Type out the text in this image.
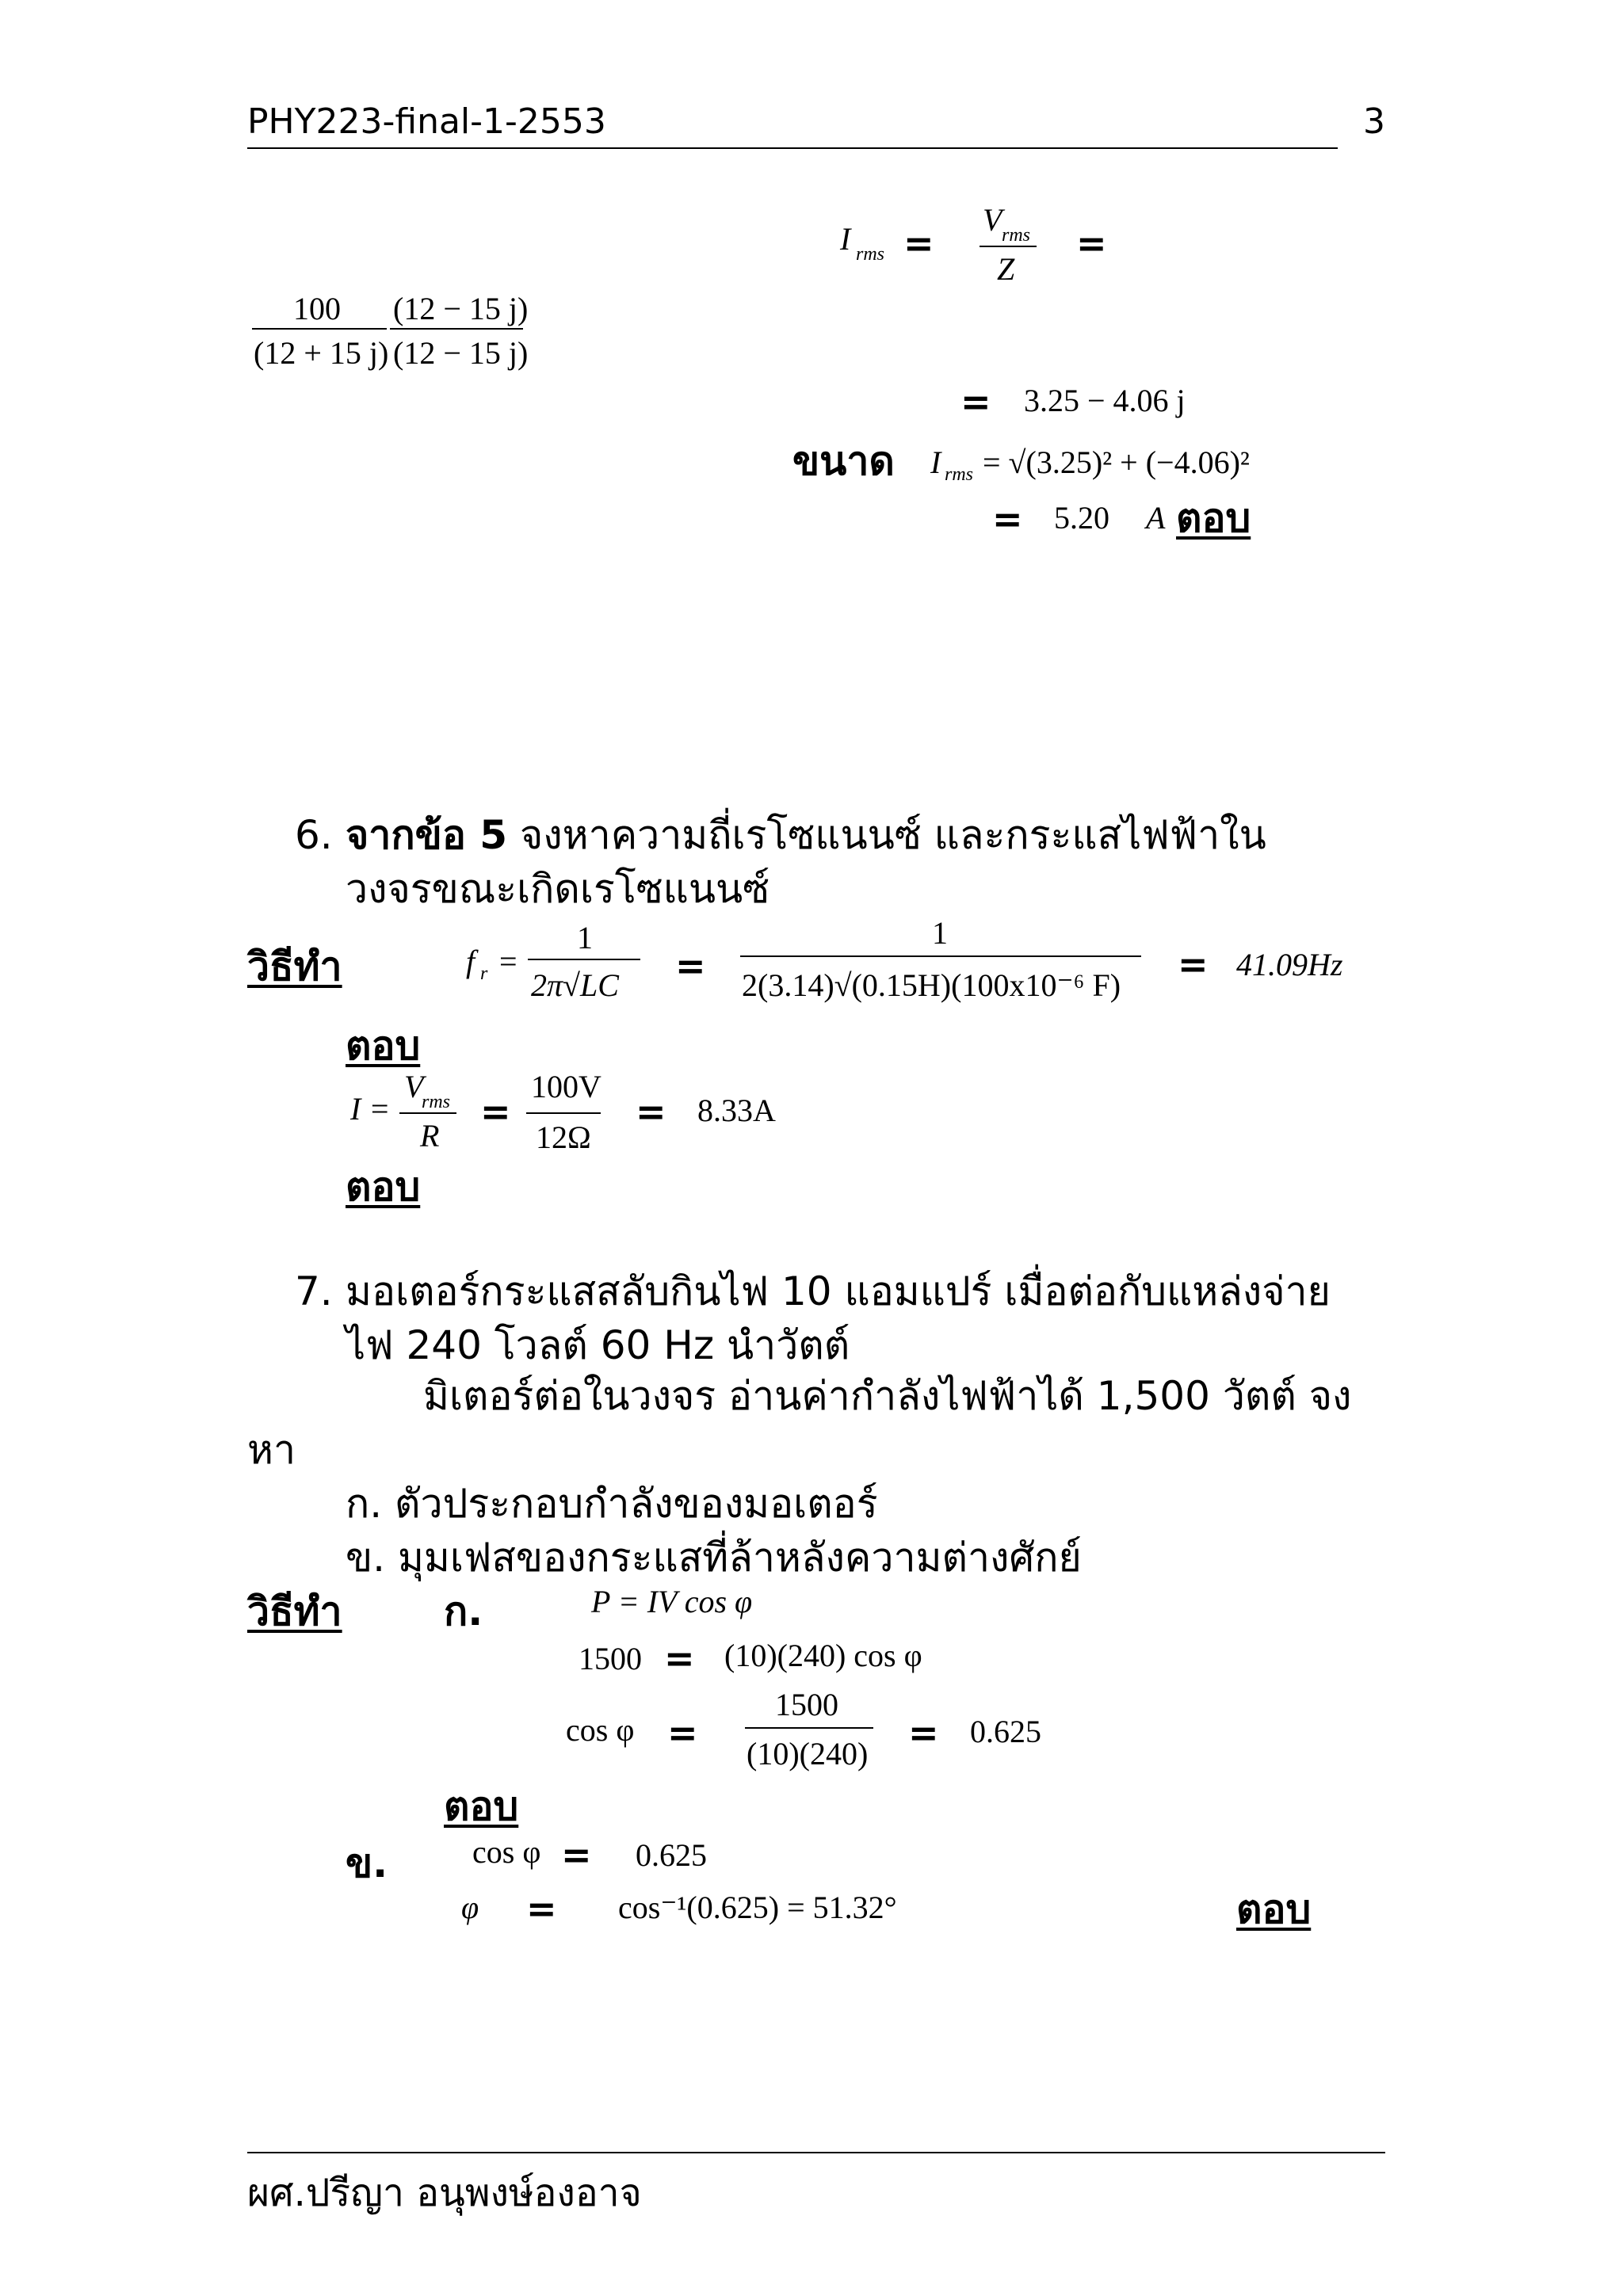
PHY223-final-1-2553	3
I rms =
V rms
Z
=
100
(12 + 15 j)
(12 − 15 j)
(12 − 15 j)
= 3.25 − 4.06 j
ขนาด I rms = √(3.25)² + (−4.06)²
= 5.20 A ตอบ
6. จากข้อ 5 จงหาความถี่เรโซแนนซ์ และกระแสไฟฟ้าใน
วงจรขณะเกิดเรโซแนนซ์
วิธีทำ	f r =
1
2π√LC =
1
2(3.14)√(0.15H)(100x10⁻⁶ F) = 41.09Hz
ตอบ
I =
V
rms
R
=
100V
12Ω
= 8.33A
ตอบ
7. มอเตอร์กระแสสลับกินไฟ 10 แอมแปร์ เมื่อต่อกับแหล่งจ่าย
ไฟ 240 โวลต์ 60 Hz นำวัตต์
มิเตอร์ต่อในวงจร อ่านค่ากำลังไฟฟ้าได้ 1,500 วัตต์ จง
หา
ก. ตัวประกอบกำลังของมอเตอร์
ข. มุมเฟสของกระแสที่ล้าหลังความต่างศักย์
วิธีทำ	ก.	P = IV cos φ
1500 = (10)(240) cos φ
cos φ =
1500
(10)(240) = 0.625
ตอบ
ข.	cos φ = 0.625
φ = cos⁻¹(0.625) = 51.32°	ตอบ
ผศ.ปรีญา อนุพงษ์องอาจ
